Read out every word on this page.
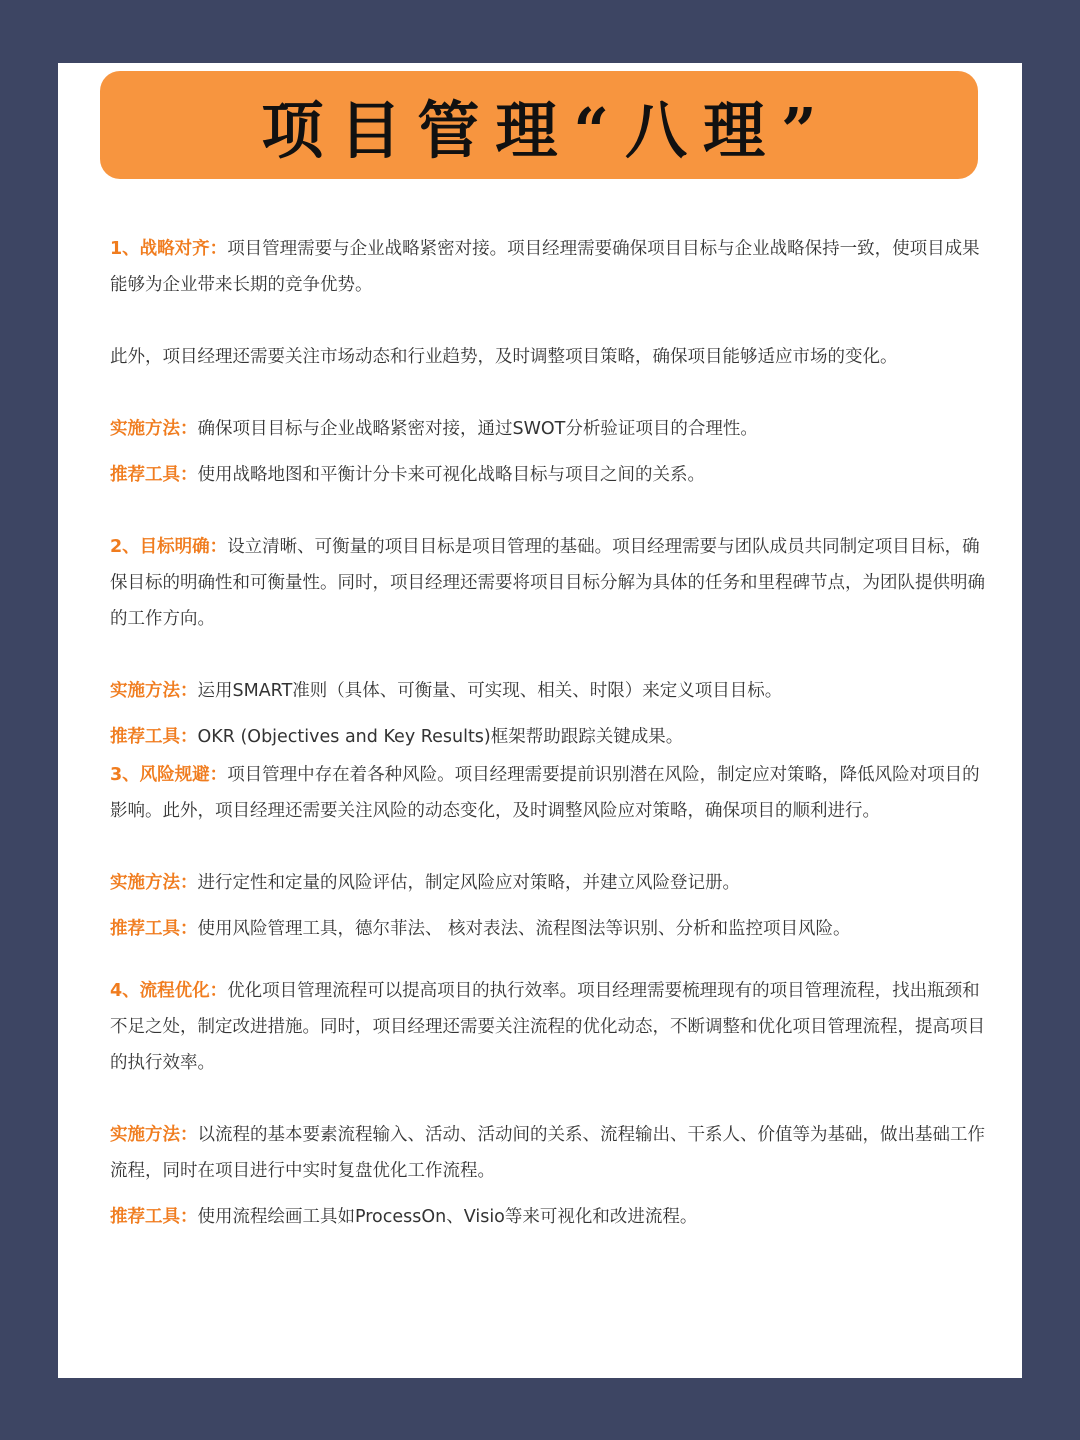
项目管理“八理”

1、战略对齐：项目管理需要与企业战略紧密对接。项目经理需要确保项目目标与企业战略保持一致，使项目成果能够为企业带来长期的竞争优势。

此外，项目经理还需要关注市场动态和行业趋势，及时调整项目策略，确保项目能够适应市场的变化。

实施方法：确保项目目标与企业战略紧密对接，通过SWOT分析验证项目的合理性。

推荐工具：使用战略地图和平衡计分卡来可视化战略目标与项目之间的关系。

2、目标明确：设立清晰、可衡量的项目目标是项目管理的基础。项目经理需要与团队成员共同制定项目目标，确保目标的明确性和可衡量性。同时，项目经理还需要将项目目标分解为具体的任务和里程碑节点，为团队提供明确的工作方向。

实施方法：运用SMART准则（具体、可衡量、可实现、相关、时限）来定义项目目标。

推荐工具：OKR (Objectives and Key Results)框架帮助跟踪关键成果。

3、风险规避：项目管理中存在着各种风险。项目经理需要提前识别潜在风险，制定应对策略，降低风险对项目的影响。此外，项目经理还需要关注风险的动态变化，及时调整风险应对策略，确保项目的顺利进行。

实施方法：进行定性和定量的风险评估，制定风险应对策略，并建立风险登记册。

推荐工具：使用风险管理工具，德尔菲法、 核对表法、流程图法等识别、分析和监控项目风险。

4、流程优化：优化项目管理流程可以提高项目的执行效率。项目经理需要梳理现有的项目管理流程，找出瓶颈和不足之处，制定改进措施。同时，项目经理还需要关注流程的优化动态，不断调整和优化项目管理流程，提高项目的执行效率。

实施方法：以流程的基本要素流程输入、活动、活动间的关系、流程输出、干系人、价值等为基础，做出基础工作流程，同时在项目进行中实时复盘优化工作流程。

推荐工具：使用流程绘画工具如ProcessOn、Visio等来可视化和改进流程。
